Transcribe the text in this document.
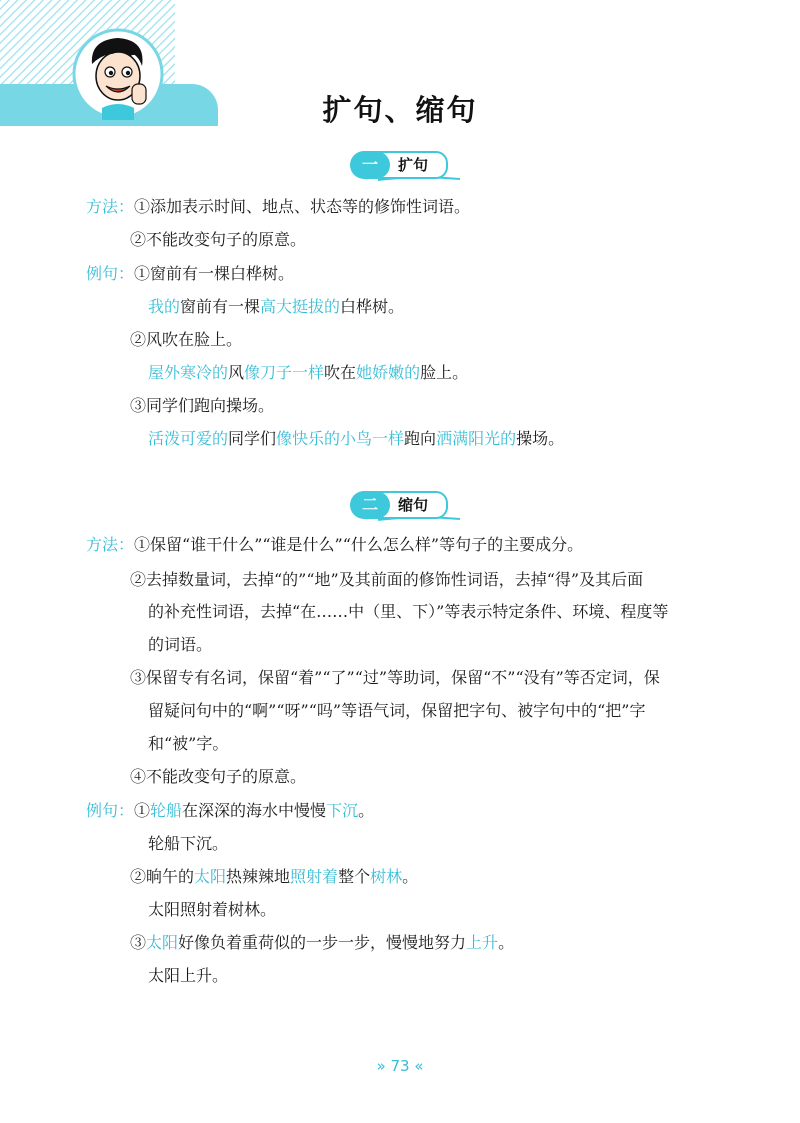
扩句、缩句
一	扩句
方法：①添加表示时间、地点、状态等的修饰性词语。
②不能改变句子的原意。
例句：①窗前有一棵白桦树。
我的窗前有一棵高大挺拔的白桦树。
②风吹在脸上。
屋外寒冷的风像刀子一样吹在她娇嫩的脸上。
③同学们跑向操场。
活泼可爱的同学们像快乐的小鸟一样跑向洒满阳光的操场。
二	缩句
方法：①保留“谁干什么”“谁是什么”“什么怎么样”等句子的主要成分。
②去掉数量词，去掉“的”“地”及其前面的修饰性词语，去掉“得”及其后面
的补充性词语，去掉“在……中（里、下）”等表示特定条件、环境、程度等
的词语。
③保留专有名词，保留“着”“了”“过”等助词，保留“不”“没有”等否定词，保
留疑问句中的“啊”“呀”“吗”等语气词，保留把字句、被字句中的“把”字
和“被”字。
④不能改变句子的原意。
例句：①轮船在深深的海水中慢慢下沉。
轮船下沉。
②晌午的太阳热辣辣地照射着整个树林。
太阳照射着树林。
③太阳好像负着重荷似的一步一步，慢慢地努力上升。
太阳上升。
» 73 «
